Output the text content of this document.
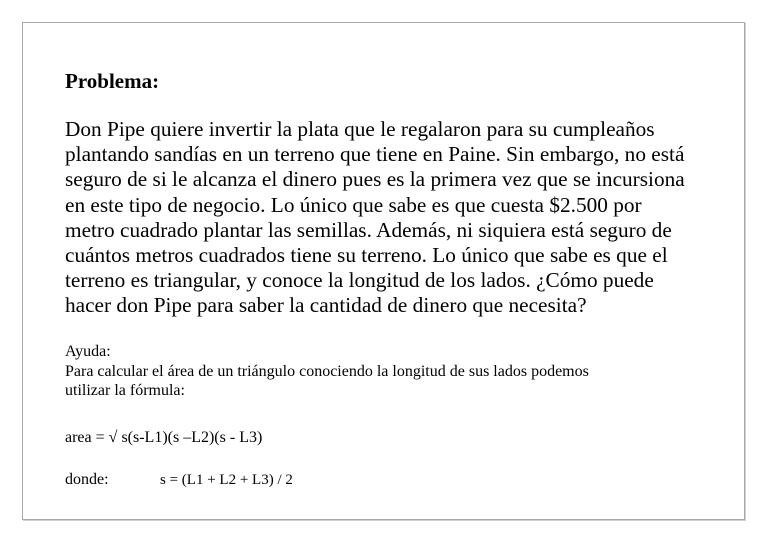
Problema:

Don Pipe quiere invertir la plata que le regalaron para su cumpleaños
plantando sandías en un terreno que tiene en Paine. Sin embargo, no está
seguro de si le alcanza el dinero pues es la primera vez que se incursiona
en este tipo de negocio. Lo único que sabe es que cuesta $2.500 por
metro cuadrado plantar las semillas. Además, ni siquiera está seguro de
cuántos metros cuadrados tiene su terreno. Lo único que sabe es que el
terreno es triangular, y conoce la longitud de los lados. ¿Cómo puede
hacer don Pipe para saber la cantidad de dinero que necesita?

Ayuda:
Para calcular el área de un triángulo conociendo la longitud de sus lados podemos
utilizar la fórmula:

area = √ s(s-L1)(s –L2)(s - L3)

donde:	s = (L1 + L2 + L3) / 2
